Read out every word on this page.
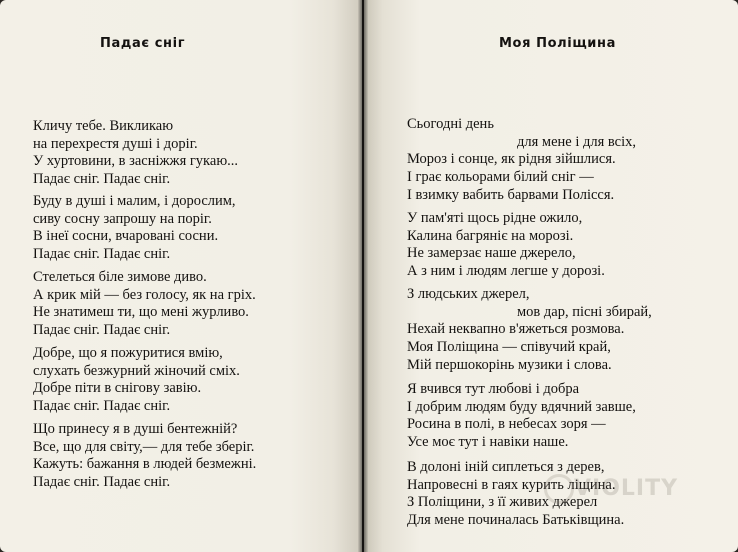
Падає сніг
Кличу тебе. Викликаю
на перехрестя душі і доріг.
У хуртовини, в засніжжя гукаю...
Падає сніг. Падає сніг.
Буду в душі і малим, і дорослим,
сиву сосну запрошу на поріг.
В інеї сосни, вчаровані сосни.
Падає сніг. Падає сніг.
Стелеться біле зимове диво.
А крик мій — без голосу, як на гріх.
Не знатимеш ти, що мені журливо.
Падає сніг. Падає сніг.
Добре, що я пожуритися вмію,
слухать безжурний жіночий сміх.
Добре піти в сніговy завію.
Падає сніг. Падає сніг.
Що принесу я в душі бентежній?
Все, що для світу,— для тебе зберіг.
Кажуть: бажання в людей безмежні.
Падає сніг. Падає сніг.
Моя Поліщина
Сьогодні день
для мене і для всіх,
Мороз і сонце, як рідня зійшлися.
І грає кольорами білий сніг —
І взимку вабить барвами Полісся.
У пам'яті щось рідне ожило,
Калина багряніє на морозі.
Не замерзає наше джерело,
А з ним і людям легше у дорозі.
З людських джерел,
мов дар, пісні збирай,
Нехай неквапно в'яжеться розмова.
Моя Поліщина — співучий край,
Мій першокорінь музики і слова.
Я вчився тут любові і добра
І добрим людям буду вдячний завше,
Росина в полі, в небесах зоря —
Усе моє тут і навіки наше.
В долоні іній сиплеться з дерев,
Напровесні в гаях курить ліщина.
З Поліщини, з її живих джерел
Для мене починалась Батьківщина.
VIOLITY
